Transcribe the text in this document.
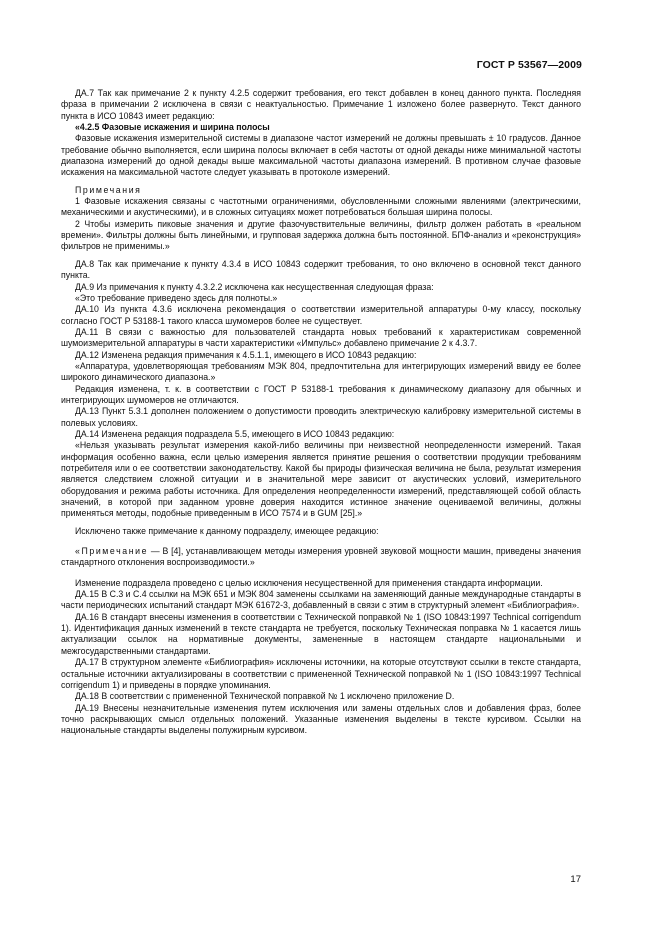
ГОСТ Р 53567—2009

ДА.7 Так как примечание 2 к пункту 4.2.5 содержит требования, его текст добавлен в конец данного пункта. Последняя фраза в примечании 2 исключена в связи с неактуальностью. Примечание 1 изложено более развернуто. Текст данного пункта в ИСО 10843 имеет редакцию:

«4.2.5 Фазовые искажения и ширина полосы

Фазовые искажения измерительной системы в диапазоне частот измерений не должны превышать ± 10 градусов. Данное требование обычно выполняется, если ширина полосы включает в себя частоты от одной декады ниже минимальной частоты диапазона измерений до одной декады выше максимальной частоты диапазона измерений. В противном случае фазовые искажения на максимальной частоте следует указывать в протоколе измерений.

Примечания

1 Фазовые искажения связаны с частотными ограничениями, обусловленными сложными явлениями (электрическими, механическими и акустическими), и в сложных ситуациях может потребоваться большая ширина полосы.

2 Чтобы измерить пиковые значения и другие фазочувствительные величины, фильтр должен работать в «реальном времени». Фильтры должны быть линейными, и групповая задержка должна быть постоянной. БПФ-анализ и «реконструкция» фильтров не применимы.»

ДА.8 Так как примечание к пункту 4.3.4 в ИСО 10843 содержит требования, то оно включено в основной текст данного пункта.

ДА.9 Из примечания к пункту 4.3.2.2 исключена как несущественная следующая фраза:

«Это требование приведено здесь для полноты.»

ДА.10 Из пункта 4.3.6 исключена рекомендация о соответствии измерительной аппаратуры 0-му классу, поскольку согласно ГОСТ Р 53188-1 такого класса шумомеров более не существует.

ДА.11 В связи с важностью для пользователей стандарта новых требований к характеристикам современной шумоизмерительной аппаратуры в части характеристики «Импульс» добавлено примечание 2 к 4.3.7.

ДА.12 Изменена редакция примечания к 4.5.1.1, имеющего в ИСО 10843 редакцию:

«Аппаратура, удовлетворяющая требованиям МЭК 804, предпочтительна для интегрирующих измерений ввиду ее более широкого динамического диапазона.»

Редакция изменена, т. к. в соответствии с ГОСТ Р 53188-1 требования к динамическому диапазону для обычных и интегрирующих шумомеров не отличаются.

ДА.13 Пункт 5.3.1 дополнен положением о допустимости проводить электрическую калибровку измерительной системы в полевых условиях.

ДА.14 Изменена редакция подраздела 5.5, имеющего в ИСО 10843 редакцию:

«Нельзя указывать результат измерения какой-либо величины при неизвестной неопределенности измерений. Такая информация особенно важна, если целью измерения является принятие решения о соответствии продукции требованиям потребителя или о ее соответствии законодательству. Какой бы природы физическая величина не была, результат измерения является следствием сложной ситуации и в значительной мере зависит от акустических условий, измерительного оборудования и режима работы источника. Для определения неопределенности измерений, представляющей собой область значений, в которой при заданном уровне доверия находится истинное значение оцениваемой величины, должны применяться методы, подобные приведенным в ИСО 7574 и в GUM [25].»

Исключено также примечание к данному подразделу, имеющее редакцию:

«Примечание — В [4], устанавливающем методы измерения уровней звуковой мощности машин, приведены значения стандартного отклонения воспроизводимости.»

Изменение подраздела проведено с целью исключения несущественной для применения стандарта информации.

ДА.15 В С.3 и С.4 ссылки на МЭК 651 и МЭК 804 заменены ссылками на заменяющий данные международные стандарты в части периодических испытаний стандарт МЭК 61672-3, добавленный в связи с этим в структурный элемент «Библиография».

ДА.16 В стандарт внесены изменения в соответствии с Технической поправкой № 1 (ISO 10843:1997 Technical corrigendum 1). Идентификация данных изменений в тексте стандарта не требуется, поскольку Техническая поправка № 1 касается лишь актуализации ссылок на нормативные документы, замененные в настоящем стандарте национальными и межгосударственными стандартами.

ДА.17 В структурном элементе «Библиография» исключены источники, на которые отсутствуют ссылки в тексте стандарта, остальные источники актуализированы в соответствии с примененной Технической поправкой № 1 (ISO 10843:1997 Technical corrigendum 1) и приведены в порядке упоминания.

ДА.18 В соответствии с примененной Технической поправкой № 1 исключено приложение D.

ДА.19 Внесены незначительные изменения путем исключения или замены отдельных слов и добавления фраз, более точно раскрывающих смысл отдельных положений. Указанные изменения выделены в тексте курсивом. Ссылки на национальные стандарты выделены полужирным курсивом.

17
